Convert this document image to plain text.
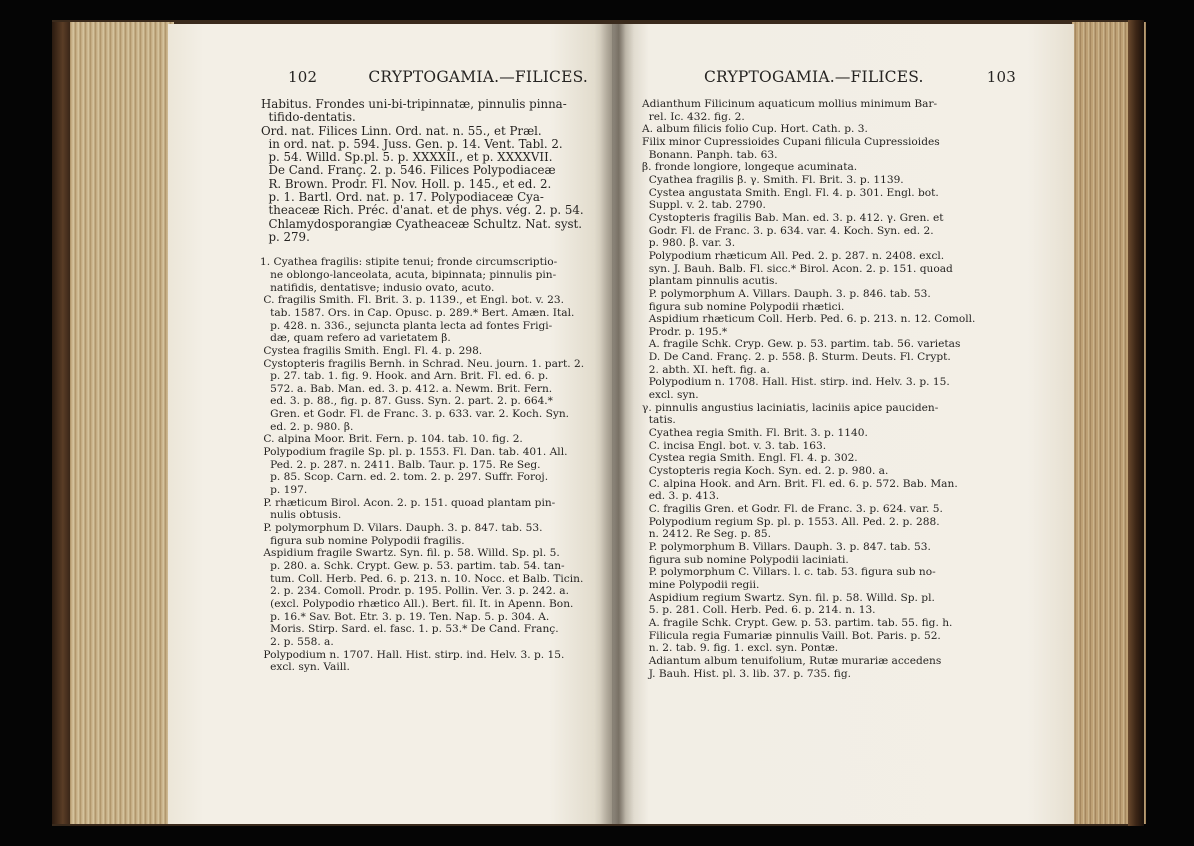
102	CRYPTOGAMIA.—FILICES.
Habitus. Frondes uni-bi-tripinnatæ, pinnulis pinna-
tifido-dentatis.
Ord. nat. Filices Linn. Ord. nat. n. 55., et Præl.
in ord. nat. p. 594. Juss. Gen. p. 14. Vent. Tabl. 2.
p. 54. Willd. Sp.pl. 5. p. XXXXII., et p. XXXXVII.
De Cand. Franç. 2. p. 546. Filices Polypodiaceæ
R. Brown. Prodr. Fl. Nov. Holl. p. 145., et ed. 2.
p. 1. Bartl. Ord. nat. p. 17. Polypodiaceæ Cya-
theaceæ Rich. Préc. d'anat. et de phys. vég. 2. p. 54.
Chlamydosporangiæ Cyatheaceæ Schultz. Nat. syst.
p. 279.
1. Cyathea fragilis: stipite tenui; fronde circumscriptio-
ne oblongo-lanceolata, acuta, bipinnata; pinnulis pin-
natifidis, dentatisve; indusio ovato, acuto.
C. fragilis Smith. Fl. Brit. 3. p. 1139., et Engl. bot. v. 23.
tab. 1587. Ors. in Cap. Opusc. p. 289.* Bert. Amæn. Ital.
p. 428. n. 336., sejuncta planta lecta ad fontes Frigi-
dæ, quam refero ad varietatem β.
Cystea fragilis Smith. Engl. Fl. 4. p. 298.
Cystopteris fragilis Bernh. in Schrad. Neu. journ. 1. part. 2.
p. 27. tab. 1. fig. 9. Hook. and Arn. Brit. Fl. ed. 6. p.
572. a. Bab. Man. ed. 3. p. 412. a. Newm. Brit. Fern.
ed. 3. p. 88., fig. p. 87. Guss. Syn. 2. part. 2. p. 664.*
Gren. et Godr. Fl. de Franc. 3. p. 633. var. 2. Koch. Syn.
ed. 2. p. 980. β.
C. alpina Moor. Brit. Fern. p. 104. tab. 10. fig. 2.
Polypodium fragile Sp. pl. p. 1553. Fl. Dan. tab. 401. All.
Ped. 2. p. 287. n. 2411. Balb. Taur. p. 175. Re Seg.
p. 85. Scop. Carn. ed. 2. tom. 2. p. 297. Suffr. Foroj.
p. 197.
P. rhæticum Birol. Acon. 2. p. 151. quoad plantam pin-
nulis obtusis.
P. polymorphum D. Vilars. Dauph. 3. p. 847. tab. 53.
figura sub nomine Polypodii fragilis.
Aspidium fragile Swartz. Syn. fil. p. 58. Willd. Sp. pl. 5.
p. 280. a. Schk. Crypt. Gew. p. 53. partim. tab. 54. tan-
tum. Coll. Herb. Ped. 6. p. 213. n. 10. Nocc. et Balb. Ticin.
2. p. 234. Comoll. Prodr. p. 195. Pollin. Ver. 3. p. 242. a.
(excl. Polypodio rhætico All.). Bert. fil. It. in Apenn. Bon.
p. 16.* Sav. Bot. Etr. 3. p. 19. Ten. Nap. 5. p. 304. A.
Moris. Stirp. Sard. el. fasc. 1. p. 53.* De Cand. Franç.
2. p. 558. a.
Polypodium n. 1707. Hall. Hist. stirp. ind. Helv. 3. p. 15.
excl. syn. Vaill.
CRYPTOGAMIA.—FILICES.	103
Adianthum Filicinum aquaticum mollius minimum Bar-
rel. Ic. 432. fig. 2.
A. album filicis folio Cup. Hort. Cath. p. 3.
Filix minor Cupressioides Cupani filicula Cupressioides
Bonann. Panph. tab. 63.
β. fronde longiore, longeque acuminata.
Cyathea fragilis β. γ. Smith. Fl. Brit. 3. p. 1139.
Cystea angustata Smith. Engl. Fl. 4. p. 301. Engl. bot.
Suppl. v. 2. tab. 2790.
Cystopteris fragilis Bab. Man. ed. 3. p. 412. γ. Gren. et
Godr. Fl. de Franc. 3. p. 634. var. 4. Koch. Syn. ed. 2.
p. 980. β. var. 3.
Polypodium rhæticum All. Ped. 2. p. 287. n. 2408. excl.
syn. J. Bauh. Balb. Fl. sicc.* Birol. Acon. 2. p. 151. quoad
plantam pinnulis acutis.
P. polymorphum A. Villars. Dauph. 3. p. 846. tab. 53.
figura sub nomine Polypodii rhætici.
Aspidium rhæticum Coll. Herb. Ped. 6. p. 213. n. 12. Comoll.
Prodr. p. 195.*
A. fragile Schk. Cryp. Gew. p. 53. partim. tab. 56. varietas
D. De Cand. Franç. 2. p. 558. β. Sturm. Deuts. Fl. Crypt.
2. abth. XI. heft. fig. a.
Polypodium n. 1708. Hall. Hist. stirp. ind. Helv. 3. p. 15.
excl. syn.
γ. pinnulis angustius laciniatis, laciniis apice pauciden-
tatis.
Cyathea regia Smith. Fl. Brit. 3. p. 1140.
C. incisa Engl. bot. v. 3. tab. 163.
Cystea regia Smith. Engl. Fl. 4. p. 302.
Cystopteris regia Koch. Syn. ed. 2. p. 980. a.
C. alpina Hook. and Arn. Brit. Fl. ed. 6. p. 572. Bab. Man.
ed. 3. p. 413.
C. fragilis Gren. et Godr. Fl. de Franc. 3. p. 624. var. 5.
Polypodium regium Sp. pl. p. 1553. All. Ped. 2. p. 288.
n. 2412. Re Seg. p. 85.
P. polymorphum B. Villars. Dauph. 3. p. 847. tab. 53.
figura sub nomine Polypodii laciniati.
P. polymorphum C. Villars. l. c. tab. 53. figura sub no-
mine Polypodii regii.
Aspidium regium Swartz. Syn. fil. p. 58. Willd. Sp. pl.
5. p. 281. Coll. Herb. Ped. 6. p. 214. n. 13.
A. fragile Schk. Crypt. Gew. p. 53. partim. tab. 55. fig. h.
Filicula regia Fumariæ pinnulis Vaill. Bot. Paris. p. 52.
n. 2. tab. 9. fig. 1. excl. syn. Pontæ.
Adiantum album tenuifolium, Rutæ murariæ accedens
J. Bauh. Hist. pl. 3. lib. 37. p. 735. fig.
